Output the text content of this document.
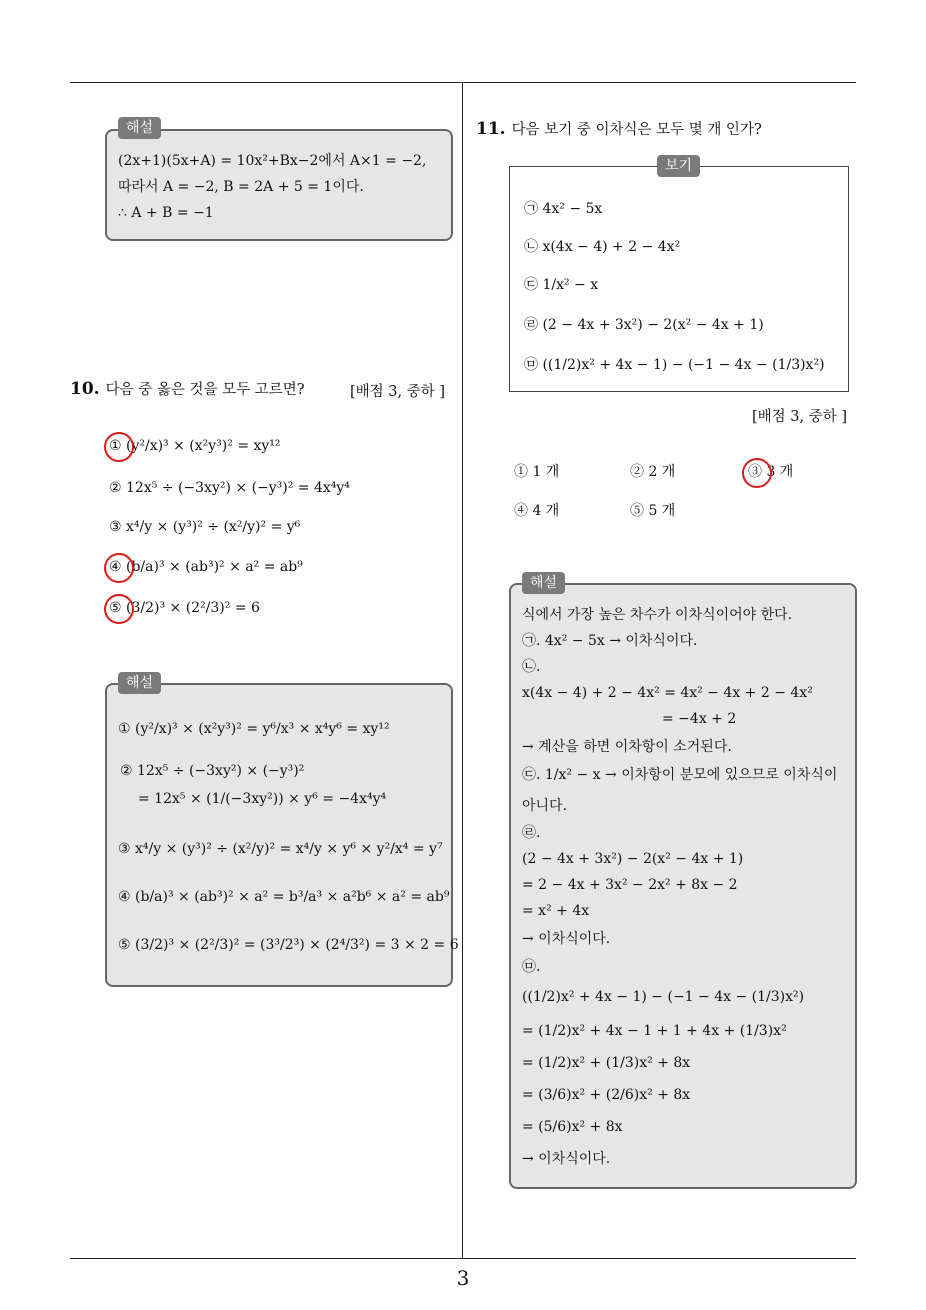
3
해설
(2x+1)(5x+A) = 10x²+Bx−2에서 A×1 = −2,
따라서 A = −2, B = 2A + 5 = 1이다.
∴ A + B = −1
10. 다음 중 옳은 것을 모두 고르면?	[배점 3, 중하 ]
① (y²/x)³ × (x²y³)² = xy¹²
② 12x⁵ ÷ (−3xy²) × (−y³)² = 4x⁴y⁴
③ x⁴/y × (y³)² ÷ (x²/y)² = y⁶
④ (b/a)³ × (ab³)² × a² = ab⁹
⑤ (3/2)³ × (2²/3)² = 6
해설
① (y²/x)³ × (x²y³)² = y⁶/x³ × x⁴y⁶ = xy¹²
② 12x⁵ ÷ (−3xy²) × (−y³)²
= 12x⁵ × (1/(−3xy²)) × y⁶ = −4x⁴y⁴
③ x⁴/y × (y³)² ÷ (x²/y)² = x⁴/y × y⁶ × y²/x⁴ = y⁷
④ (b/a)³ × (ab³)² × a² = b³/a³ × a²b⁶ × a² = ab⁹
⑤ (3/2)³ × (2²/3)² = (3³/2³) × (2⁴/3²) = 3 × 2 = 6
11. 다음 보기 중 이차식은 모두 몇 개 인가?
보기
㉠ 4x² − 5x
㉡ x(4x − 4) + 2 − 4x²
㉢ 1/x² − x
㉣ (2 − 4x + 3x²) − 2(x² − 4x + 1)
㉤ ((1/2)x² + 4x − 1) − (−1 − 4x − (1/3)x²)
[배점 3, 중하 ]
① 1 개	② 2 개	③ 3 개
④ 4 개	⑤ 5 개
해설
식에서 가장 높은 차수가 이차식이어야 한다.
㉠. 4x² − 5x → 이차식이다.
㉡.
x(4x − 4) + 2 − 4x² = 4x² − 4x + 2 − 4x²
= −4x + 2
→ 계산을 하면 이차항이 소거된다.
㉢. 1/x² − x → 이차항이 분모에 있으므로 이차식이
아니다.
㉣.
(2 − 4x + 3x²) − 2(x² − 4x + 1)
= 2 − 4x + 3x² − 2x² + 8x − 2
= x² + 4x
→ 이차식이다.
㉤.
((1/2)x² + 4x − 1) − (−1 − 4x − (1/3)x²)
= (1/2)x² + 4x − 1 + 1 + 4x + (1/3)x²
= (1/2)x² + (1/3)x² + 8x
= (3/6)x² + (2/6)x² + 8x
= (5/6)x² + 8x
→ 이차식이다.
